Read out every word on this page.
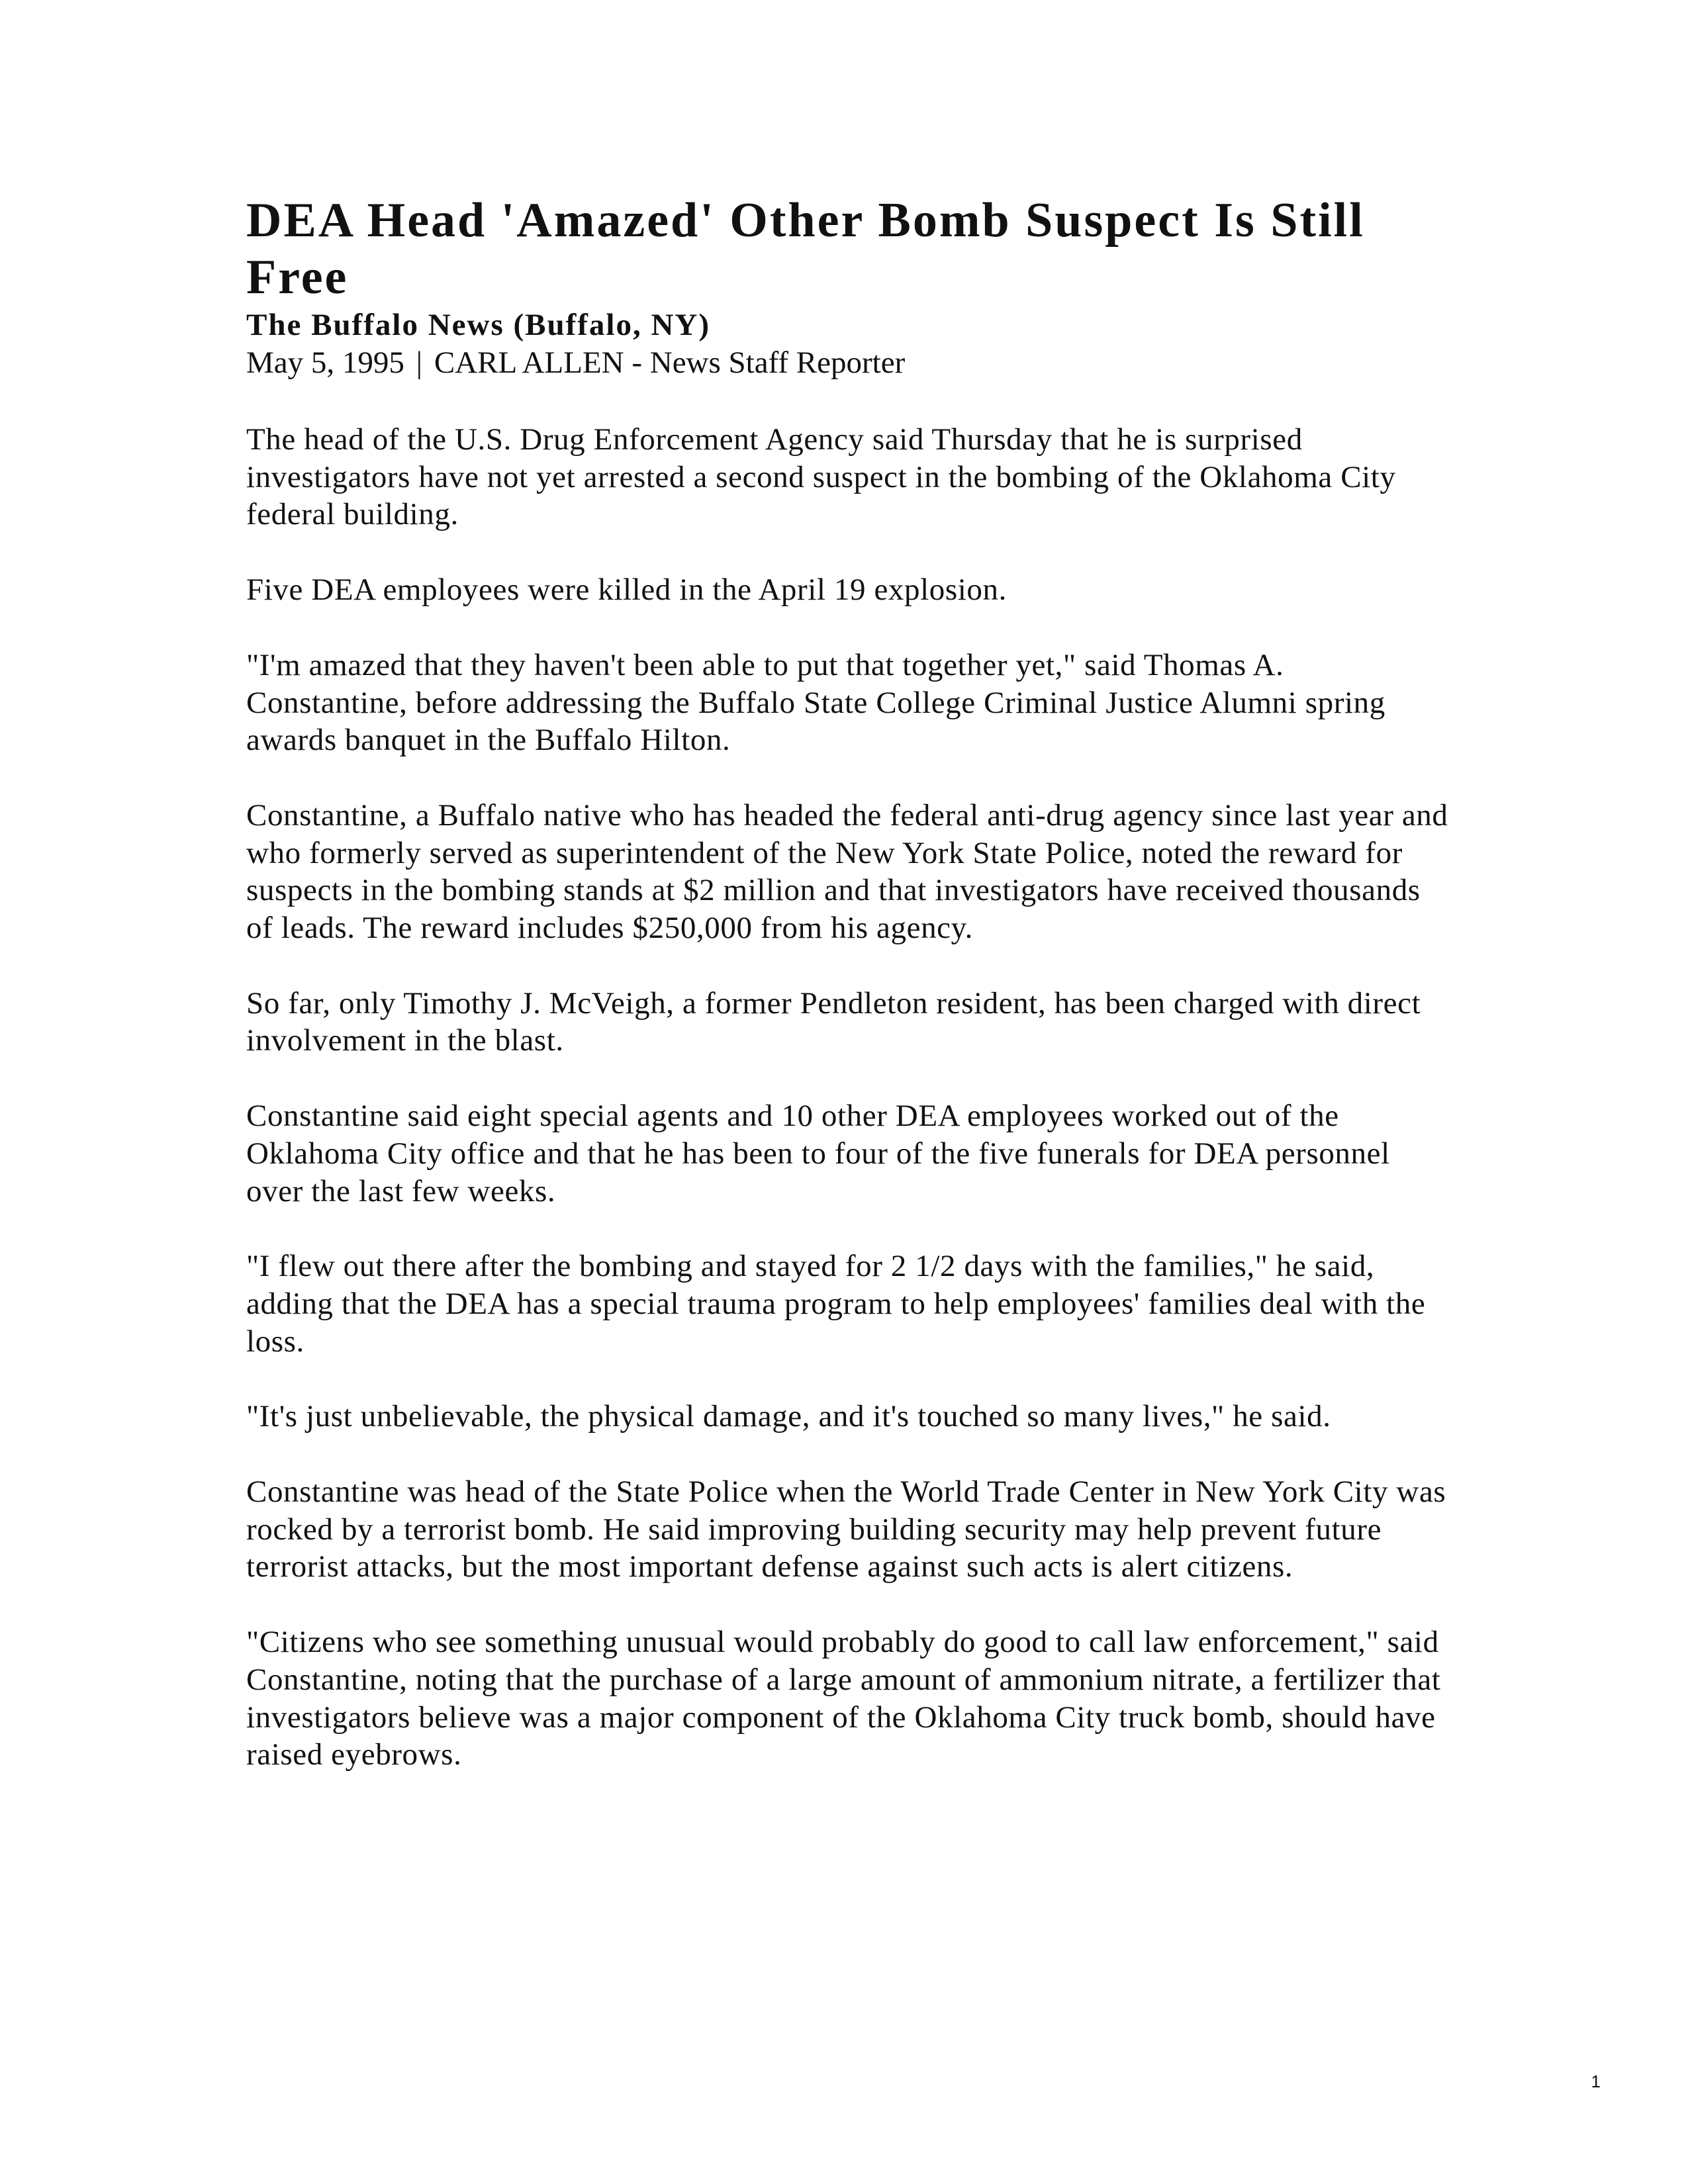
DEA Head 'Amazed' Other Bomb Suspect Is Still Free

The Buffalo News (Buffalo, NY)

May 5, 1995 | CARL ALLEN - News Staff Reporter

The head of the U.S. Drug Enforcement Agency said Thursday that he is surprised investigators have not yet arrested a second suspect in the bombing of the Oklahoma City federal building.

Five DEA employees were killed in the April 19 explosion.

"I'm amazed that they haven't been able to put that together yet," said Thomas A. Constantine, before addressing the Buffalo State College Criminal Justice Alumni spring awards banquet in the Buffalo Hilton.

Constantine, a Buffalo native who has headed the federal anti-drug agency since last year and who formerly served as superintendent of the New York State Police, noted the reward for suspects in the bombing stands at $2 million and that investigators have received thousands of leads. The reward includes $250,000 from his agency.

So far, only Timothy J. McVeigh, a former Pendleton resident, has been charged with direct involvement in the blast.

Constantine said eight special agents and 10 other DEA employees worked out of the Oklahoma City office and that he has been to four of the five funerals for DEA personnel over the last few weeks.

"I flew out there after the bombing and stayed for 2 1/2 days with the families," he said, adding that the DEA has a special trauma program to help employees' families deal with the loss.

"It's just unbelievable, the physical damage, and it's touched so many lives," he said.

Constantine was head of the State Police when the World Trade Center in New York City was rocked by a terrorist bomb. He said improving building security may help prevent future terrorist attacks, but the most important defense against such acts is alert citizens.

"Citizens who see something unusual would probably do good to call law enforcement," said Constantine, noting that the purchase of a large amount of ammonium nitrate, a fertilizer that investigators believe was a major component of the Oklahoma City truck bomb, should have raised eyebrows.

1
